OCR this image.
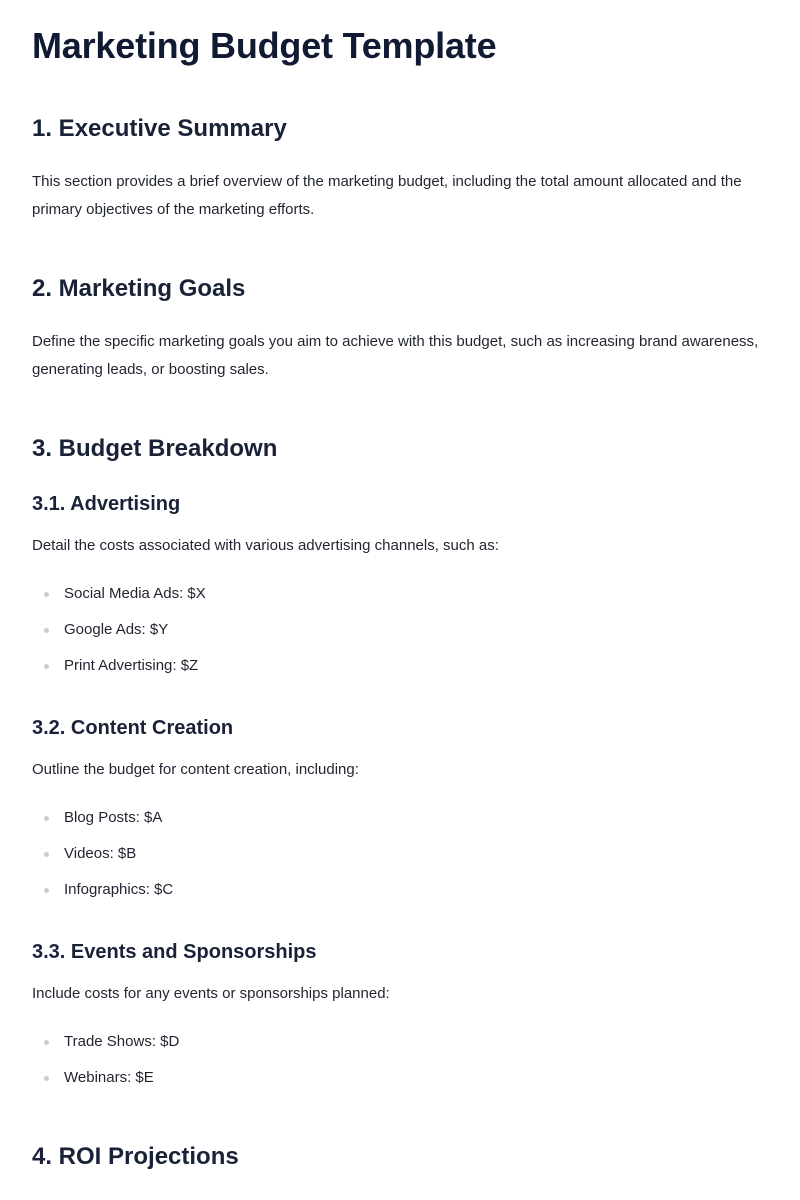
Marketing Budget Template
1. Executive Summary

This section provides a brief overview of the marketing budget, including the total amount allocated and the primary objectives of the marketing efforts.

2. Marketing Goals

Define the specific marketing goals you aim to achieve with this budget, such as increasing brand awareness, generating leads, or boosting sales.

3. Budget Breakdown
3.1. Advertising

Detail the costs associated with various advertising channels, such as:

Social Media Ads: $X
Google Ads: $Y
Print Advertising: $Z
3.2. Content Creation

Outline the budget for content creation, including:

Blog Posts: $A
Videos: $B
Infographics: $C
3.3. Events and Sponsorships

Include costs for any events or sponsorships planned:

Trade Shows: $D
Webinars: $E
4. ROI Projections
